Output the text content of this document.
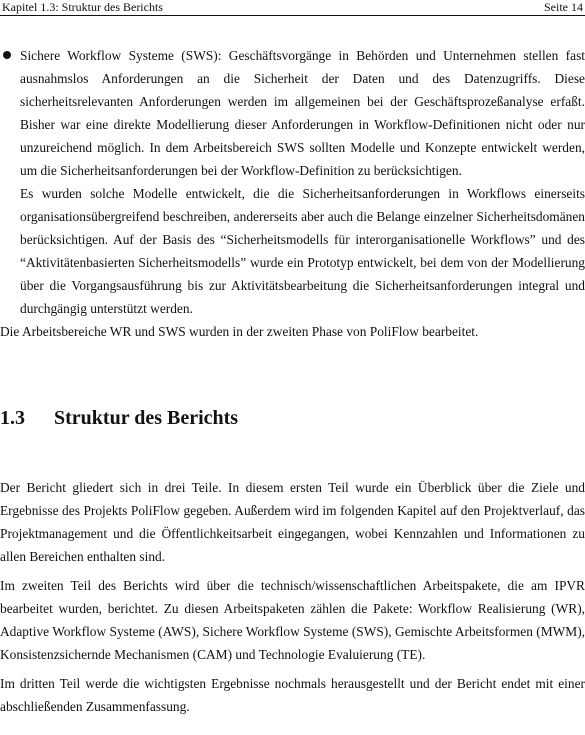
Kapitel 1.3: Struktur des Berichts	Seite 14

Sichere Workflow Systeme (SWS): Geschäftsvorgänge in Behörden und Unternehmen stellen fast ausnahmslos Anforderungen an die Sicherheit der Daten und des Datenzugriffs. Diese sicherheitsrelevanten Anforderungen werden im allgemeinen bei der Geschäftsprozeßanalyse erfaßt. Bisher war eine direkte Modellierung dieser Anforderungen in Workflow-Definitionen nicht oder nur unzureichend möglich. In dem Arbeitsbereich SWS sollten Modelle und Konzepte entwickelt werden, um die Sicherheitsanforderungen bei der Workflow-Definition zu berücksichtigen.

Es wurden solche Modelle entwickelt, die die Sicherheitsanforderungen in Workflows einerseits organisationsübergreifend beschreiben, andererseits aber auch die Belange einzelner Sicherheitsdomänen berücksichtigen. Auf der Basis des “Sicherheitsmodells für interorganisationelle Workflows” und des “Aktivitätenbasierten Sicherheitsmodells” wurde ein Prototyp entwickelt, bei dem von der Modellierung über die Vorgangsausführung bis zur Aktivitätsbearbeitung die Sicherheitsanforderungen integral und durchgängig unterstützt werden.

Die Arbeitsbereiche WR und SWS wurden in der zweiten Phase von PoliFlow bearbeitet.

1.3 Struktur des Berichts

Der Bericht gliedert sich in drei Teile. In diesem ersten Teil wurde ein Überblick über die Ziele und Ergebnisse des Projekts PoliFlow gegeben. Außerdem wird im folgenden Kapitel auf den Projektverlauf, das Projektmanagement und die Öffentlichkeitsarbeit eingegangen, wobei Kennzahlen und Informationen zu allen Bereichen enthalten sind.

Im zweiten Teil des Berichts wird über die technisch/wissenschaftlichen Arbeitspakete, die am IPVR bearbeitet wurden, berichtet. Zu diesen Arbeitspaketen zählen die Pakete: Workflow Realisierung (WR), Adaptive Workflow Systeme (AWS), Sichere Workflow Systeme (SWS), Gemischte Arbeitsformen (MWM), Konsistenzsichernde Mechanismen (CAM) und Technologie Evaluierung (TE).

Im dritten Teil werde die wichtigsten Ergebnisse nochmals herausgestellt und der Bericht endet mit einer abschließenden Zusammenfassung.
